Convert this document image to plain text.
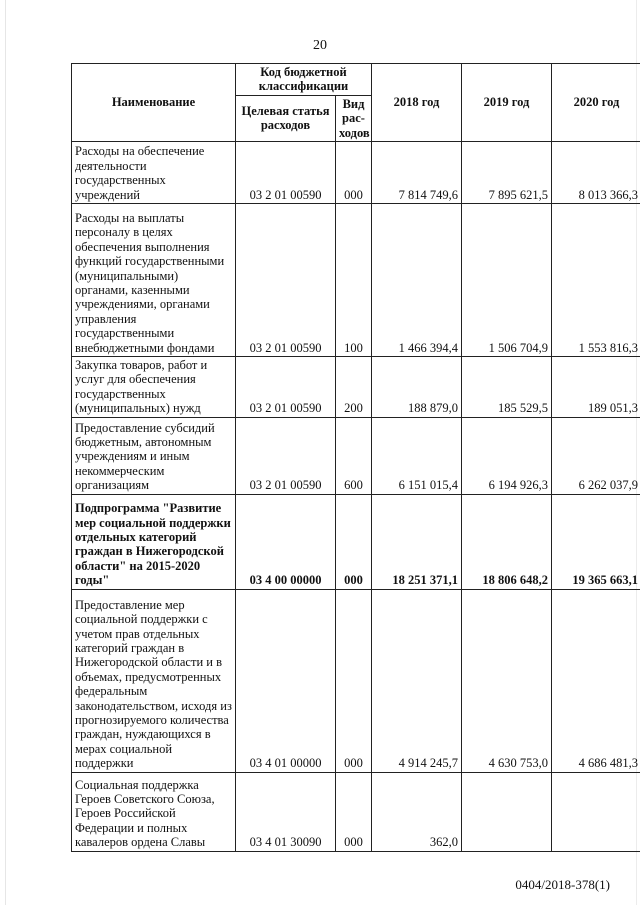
20
Наименование	Код бюджетной классификации		2018 год	2019 год	2020 год
	Целевая статья расходов	Вид рас- ходов			
Расходы на обеспечение деятельности государственных учреждений	03 2 01 00590	000	7 814 749,6	7 895 621,5	8 013 366,3
Расходы на выплаты персоналу в целях обеспечения выполнения функций государственными (муниципальными) органами, казенными учреждениями, органами управления государственными внебюджетными фондами	03 2 01 00590	100	1 466 394,4	1 506 704,9	1 553 816,3
Закупка товаров, работ и услуг для обеспечения государственных (муниципальных) нужд	03 2 01 00590	200	188 879,0	185 529,5	189 051,3
Предоставление субсидий бюджетным, автономным учреждениям и иным некоммерческим организациям	03 2 01 00590	600	6 151 015,4	6 194 926,3	6 262 037,9
Подпрограмма "Развитие мер социальной поддержки отдельных категорий граждан в Нижегородской области" на 2015-2020 годы"	03 4 00 00000	000	18 251 371,1	18 806 648,2	19 365 663,1
Предоставление мер социальной поддержки с учетом прав отдельных категорий граждан в Нижегородской области и в объемах, предусмотренных федеральным законодательством, исходя из прогнозируемого количества граждан, нуждающихся в мерах социальной поддержки	03 4 01 00000	000	4 914 245,7	4 630 753,0	4 686 481,3
Социальная поддержка Героев Советского Союза, Героев Российской Федерации и полных кавалеров ордена Славы	03 4 01 30090	000	362,0		
0404/2018-378(1)
